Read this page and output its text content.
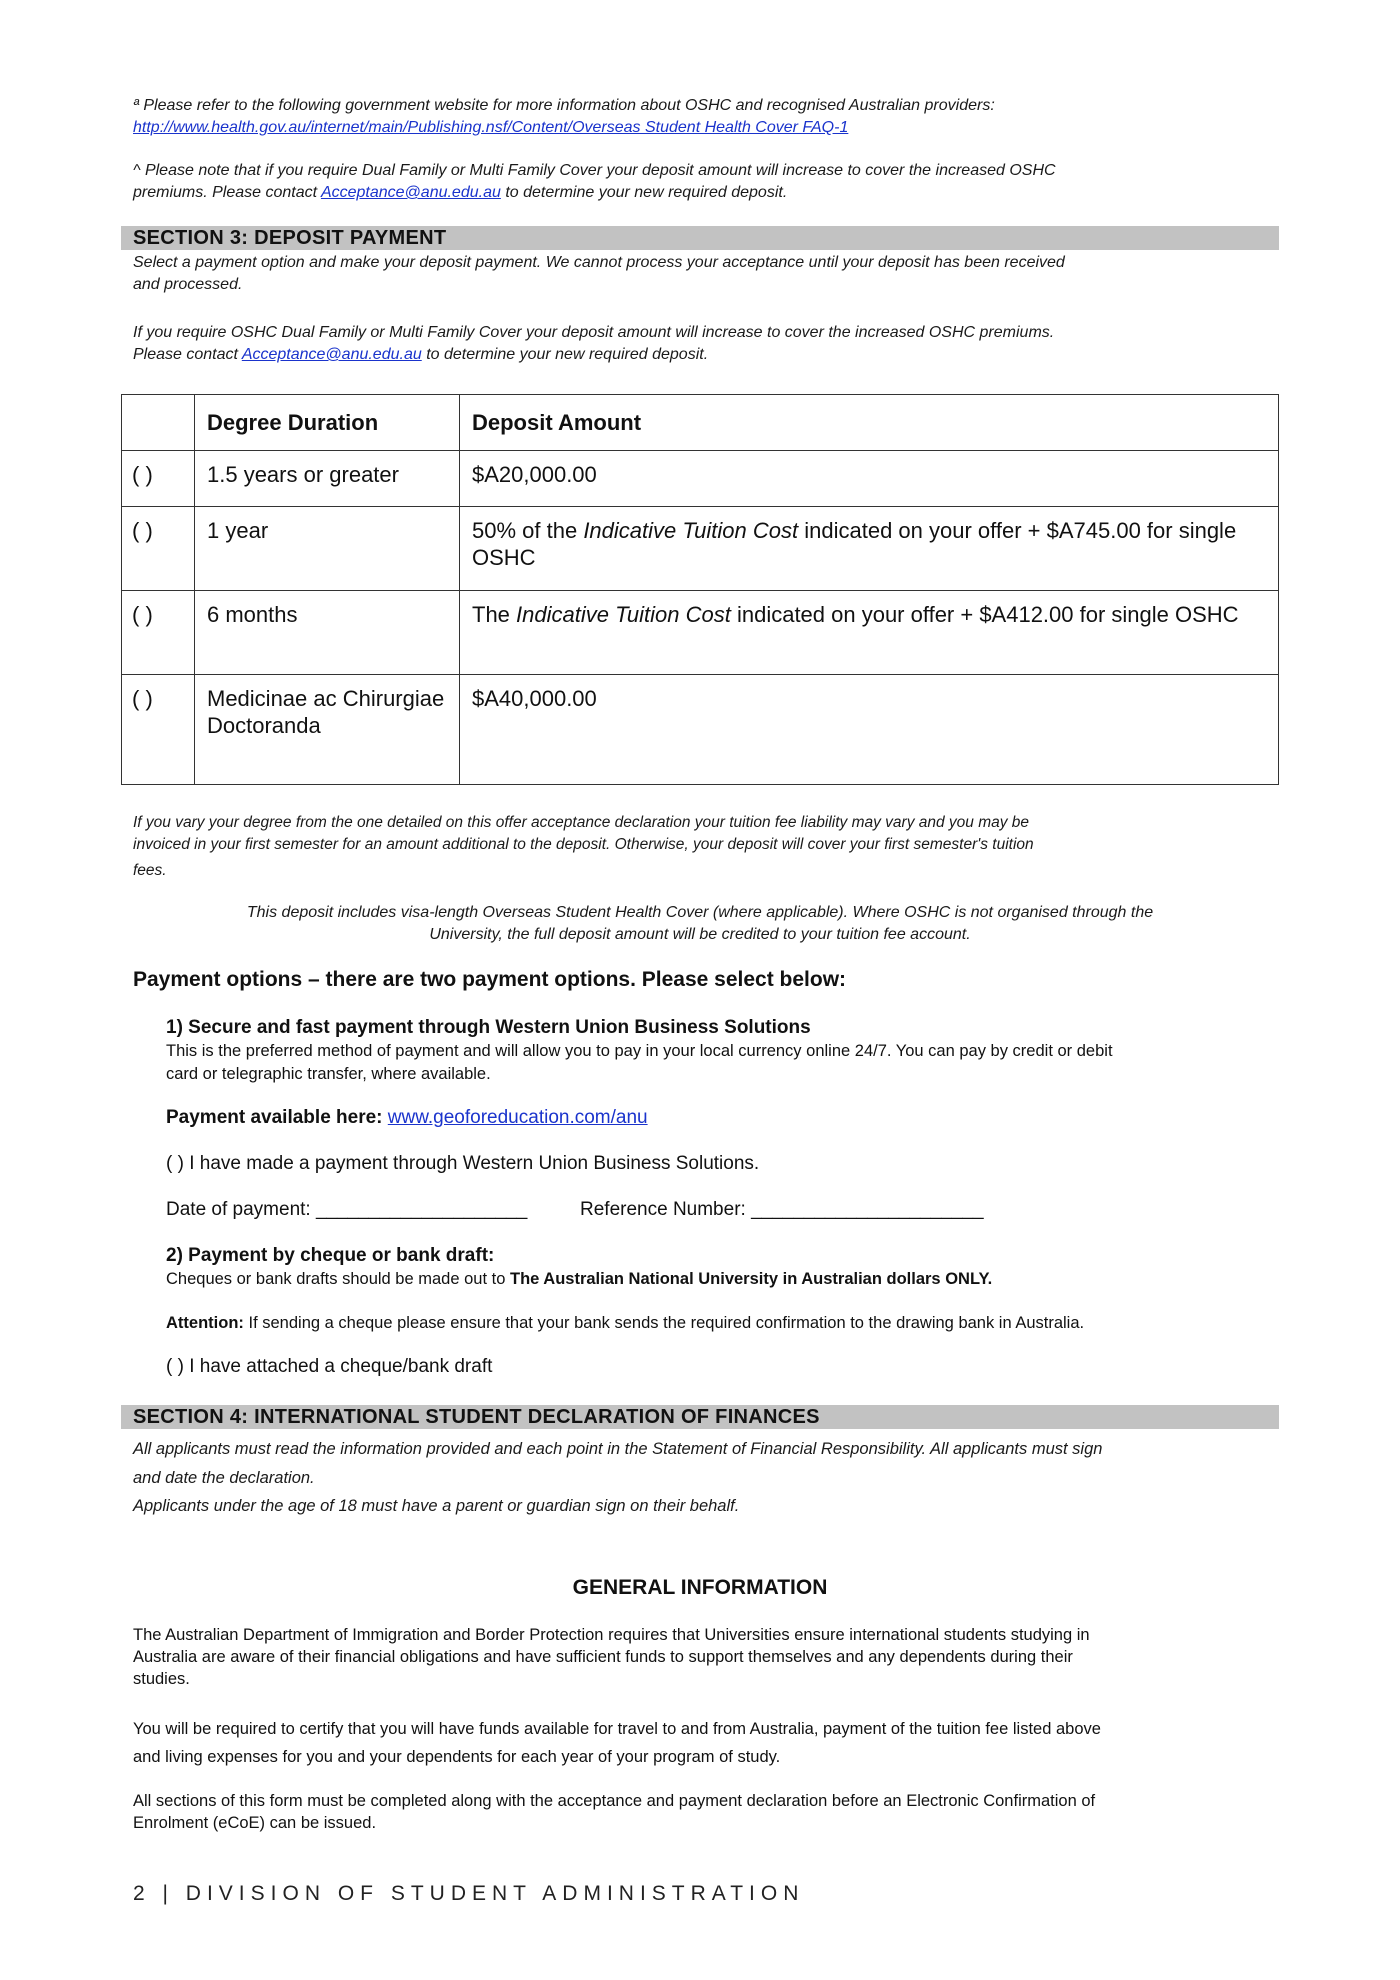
ª Please refer to the following government website for more information about OSHC and recognised Australian providers:
http://www.health.gov.au/internet/main/Publishing.nsf/Content/Overseas Student Health Cover FAQ-1
^ Please note that if you require Dual Family or Multi Family Cover your deposit amount will increase to cover the increased OSHC
premiums. Please contact Acceptance@anu.edu.au to determine your new required deposit.
SECTION 3: DEPOSIT PAYMENT
Select a payment option and make your deposit payment. We cannot process your acceptance until your deposit has been received
and processed.
If you require OSHC Dual Family or Multi Family Cover your deposit amount will increase to cover the increased OSHC premiums.
Please contact Acceptance@anu.edu.au to determine your new required deposit.
	Degree Duration	Deposit Amount
( )	1.5 years or greater	$A20,000.00
( )	1 year	50% of the Indicative Tuition Cost indicated on your offer + $A745.00 for single OSHC
( )	6 months	The Indicative Tuition Cost indicated on your offer + $A412.00 for single OSHC
( )	Medicinae ac Chirurgiae Doctoranda	$A40,000.00
If you vary your degree from the one detailed on this offer acceptance declaration your tuition fee liability may vary and you may be
invoiced in your first semester for an amount additional to the deposit. Otherwise, your deposit will cover your first semester's tuition
fees.
This deposit includes visa-length Overseas Student Health Cover (where applicable). Where OSHC is not organised through the
University, the full deposit amount will be credited to your tuition fee account.
Payment options – there are two payment options. Please select below:
1) Secure and fast payment through Western Union Business Solutions
This is the preferred method of payment and will allow you to pay in your local currency online 24/7. You can pay by credit or debit
card or telegraphic transfer, where available.
Payment available here: www.geoforeducation.com/anu
( ) I have made a payment through Western Union Business Solutions.
Date of payment: ____________________	Reference Number: ______________________
2) Payment by cheque or bank draft:
Cheques or bank drafts should be made out to The Australian National University in Australian dollars ONLY.
Attention: If sending a cheque please ensure that your bank sends the required confirmation to the drawing bank in Australia.
( ) I have attached a cheque/bank draft
SECTION 4: INTERNATIONAL STUDENT DECLARATION OF FINANCES
All applicants must read the information provided and each point in the Statement of Financial Responsibility. All applicants must sign
and date the declaration.
Applicants under the age of 18 must have a parent or guardian sign on their behalf.
GENERAL INFORMATION
The Australian Department of Immigration and Border Protection requires that Universities ensure international students studying in
Australia are aware of their financial obligations and have sufficient funds to support themselves and any dependents during their
studies.
You will be required to certify that you will have funds available for travel to and from Australia, payment of the tuition fee listed above
and living expenses for you and your dependents for each year of your program of study.
All sections of this form must be completed along with the acceptance and payment declaration before an Electronic Confirmation of
Enrolment (eCoE) can be issued.
2 | DIVISION OF STUDENT ADMINISTRATION
